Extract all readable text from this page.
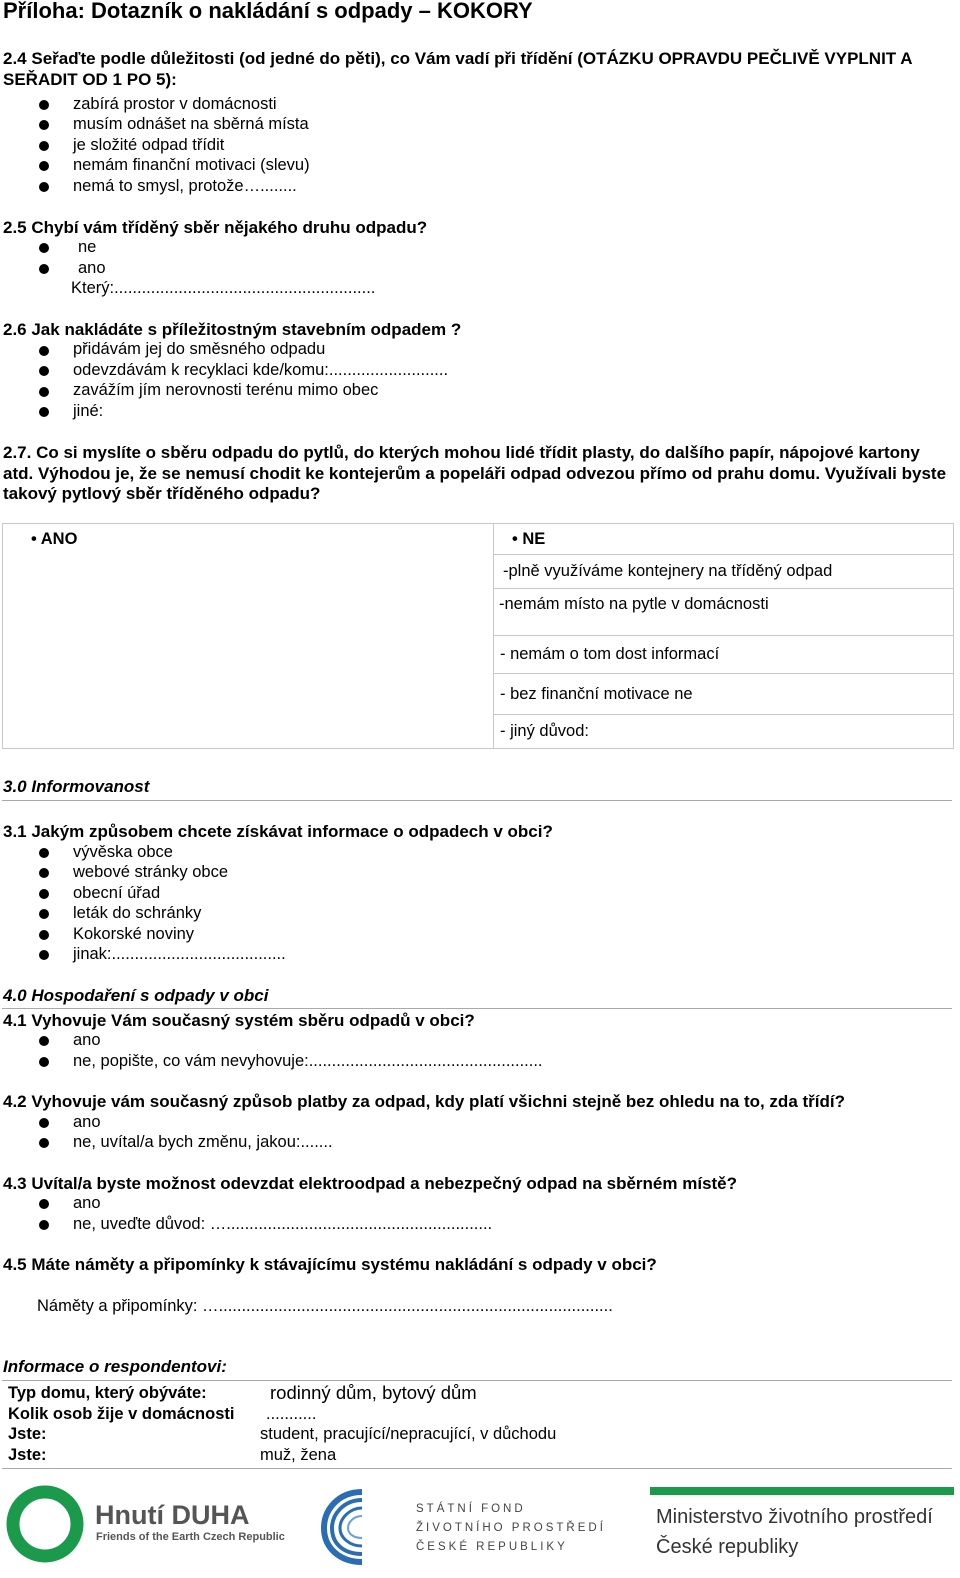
Příloha: Dotazník o nakládání s odpady – KOKORY
2.4 Seřaďte podle důležitosti (od jedné do pěti), co Vám vadí při třídění (OTÁZKU OPRAVDU PEČLIVĚ VYPLNIT A SEŘADIT OD 1 PO 5):
zabírá prostor v domácnosti
musím odnášet na sběrná místa
je složité odpad třídit
nemám finanční motivaci (slevu)
nemá to smysl, protože…........
2.5 Chybí vám tříděný sběr nějakého druhu odpadu?
ne
ano
Který:.........................................................
2.6 Jak nakládáte s příležitostným stavebním odpadem ?
přidávám jej do směsného odpadu
odevzdávám k recyklaci kde/komu:..........................
zavážím jím nerovnosti terénu mimo obec
jiné:
2.7. Co si myslíte o sběru odpadu do pytlů, do kterých mohou lidé třídit plasty, do dalšího papír, nápojové kartony atd. Výhodou je, že se nemusí chodit ke kontejerům a popeláři odpad odvezou přímo od prahu domu. Využívali byste takový pytlový sběr tříděného odpadu?
• ANO	• NE
-plně využíváme kontejnery na tříděný odpad
-nemám místo na pytle v domácnosti
- nemám o tom dost informací
- bez finanční motivace ne
- jiný důvod:
3.0 Informovanost
3.1 Jakým způsobem chcete získávat informace o odpadech v obci?
vývěska obce
webové stránky obce
obecní úřad
leták do schránky
Kokorské noviny
jinak:......................................
4.0 Hospodaření s odpady v obci
4.1 Vyhovuje Vám současný systém sběru odpadů v obci?
ano
ne, popište, co vám nevyhovuje:...................................................
4.2 Vyhovuje vám současný způsob platby za odpad, kdy platí všichni stejně bez ohledu na to, zda třídí?
ano
ne, uvítal/a bych změnu, jakou:.......
4.3 Uvítal/a byste možnost odevzdat elektroodpad a nebezpečný odpad na sběrném místě?
ano
ne, uveďte důvod: …..........................................................
4.5 Máte náměty a připomínky k stávajícímu systému nakládání s odpady v obci?
Náměty a připomínky: …......................................................................................
Informace o respondentovi:
Typ domu, který obýváte:	rodinný dům, bytový dům
Kolik osob žije v domácnosti ...........
Jste:	student, pracující/nepracující, v důchodu
Jste:	muž, žena
Hnutí DUHA
Friends of the Earth Czech Republic
STÁTNÍ FOND
ŽIVOTNÍHO PROSTŘEDÍ
ČESKÉ REPUBLIKY
Ministerstvo životního prostředí
České republiky
